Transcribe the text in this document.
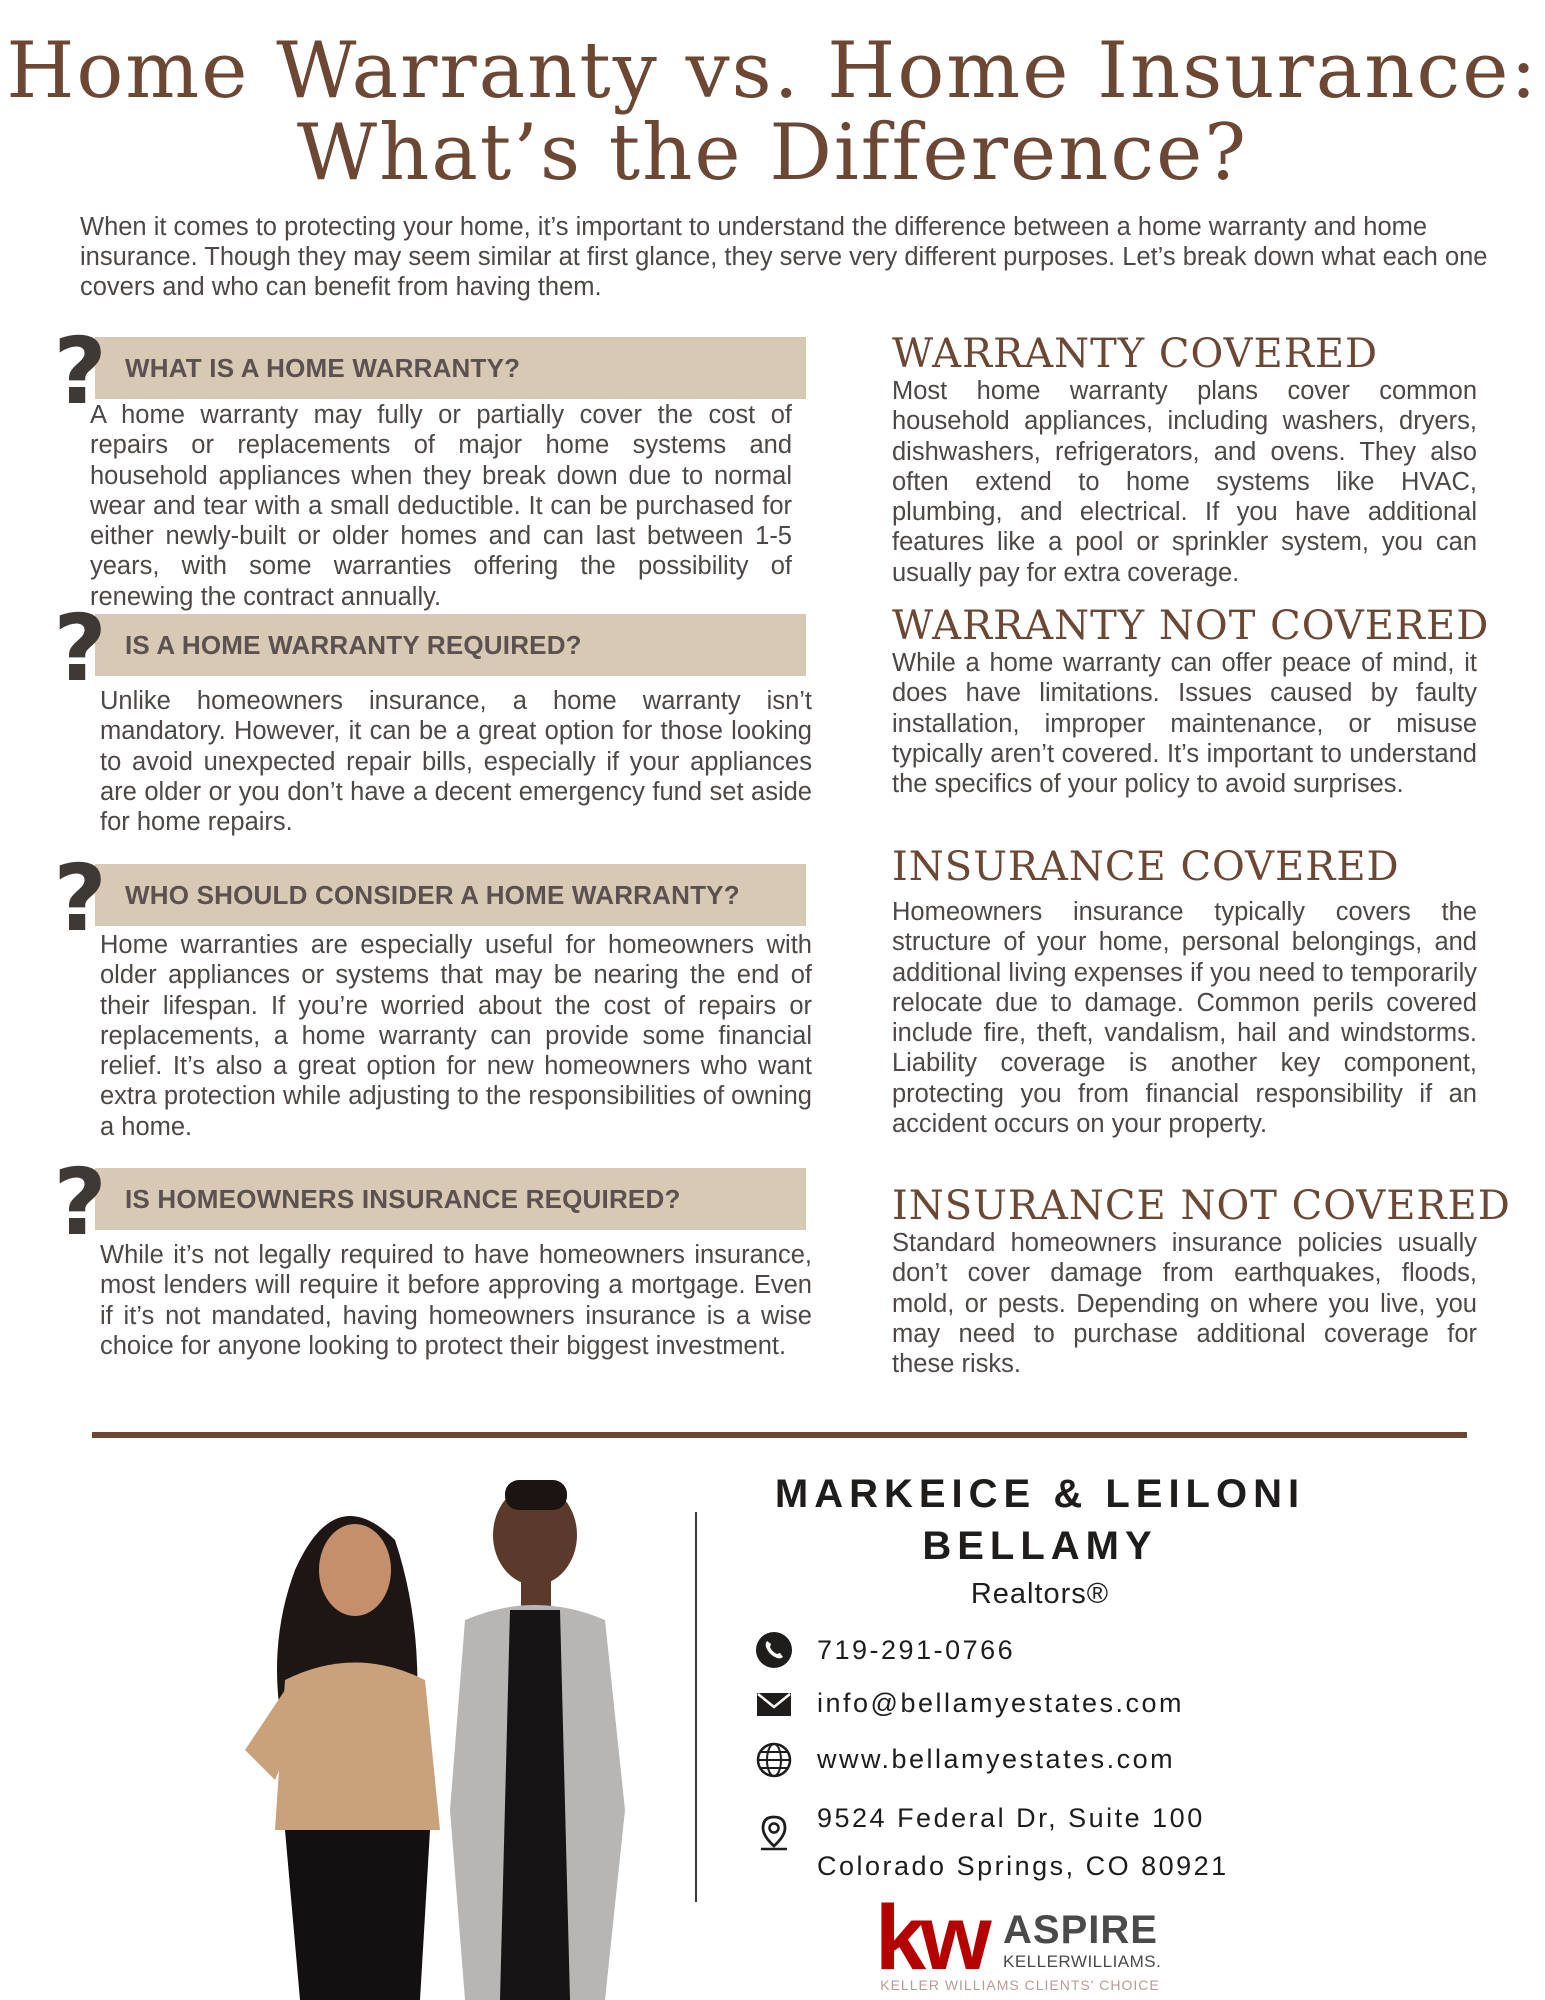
Home Warranty vs. Home Insurance:
What’s the Difference?

When it comes to protecting your home, it’s important to understand the difference between a home warranty and home insurance. Though they may seem similar at first glance, they serve very different purposes. Let’s break down what each one covers and who can benefit from having them.

WHAT IS A HOME WARRANTY?
?

A home warranty may fully or partially cover the cost of repairs or replacements of major home systems and household appliances when they break down due to normal wear and tear with a small deductible. It can be purchased for either newly-built or older homes and can last between 1-5 years, with some warranties offering the possibility of renewing the contract annually.

IS A HOME WARRANTY REQUIRED?
?

Unlike homeowners insurance, a home warranty isn’t mandatory. However, it can be a great option for those looking to avoid unexpected repair bills, especially if your appliances are older or you don’t have a decent emergency fund set aside for home repairs.

WHO SHOULD CONSIDER A HOME WARRANTY?
?

Home warranties are especially useful for homeowners with older appliances or systems that may be nearing the end of their lifespan. If you’re worried about the cost of repairs or replacements, a home warranty can provide some financial relief. It’s also a great option for new homeowners who want extra protection while adjusting to the responsibilities of owning a home.

IS HOMEOWNERS INSURANCE REQUIRED?
?

While it’s not legally required to have homeowners insurance, most lenders will require it before approving a mortgage. Even if it’s not mandated, having homeowners insurance is a wise choice for anyone looking to protect their biggest investment.

WARRANTY COVERED

Most home warranty plans cover common household appliances, including washers, dryers, dishwashers, refrigerators, and ovens. They also often extend to home systems like HVAC, plumbing, and electrical. If you have additional features like a pool or sprinkler system, you can usually pay for extra coverage.

WARRANTY NOT COVERED

While a home warranty can offer peace of mind, it does have limitations. Issues caused by faulty installation, improper maintenance, or misuse typically aren’t covered. It’s important to understand the specifics of your policy to avoid surprises.

INSURANCE COVERED

Homeowners insurance typically covers the structure of your home, personal belongings, and additional living expenses if you need to temporarily relocate due to damage. Common perils covered include fire, theft, vandalism, hail and windstorms. Liability coverage is another key component, protecting you from financial responsibility if an accident occurs on your property.

INSURANCE NOT COVERED

Standard homeowners insurance policies usually don’t cover damage from earthquakes, floods, mold, or pests. Depending on where you live, you may need to purchase additional coverage for these risks.

MARKEICE & LEILONI
BELLAMY
Realtors®
719-291-0766
info@bellamyestates.com
www.bellamyestates.com
9524 Federal Dr, Suite 100
Colorado Springs, CO 80921
kw ASPIRE
KELLERWILLIAMS.
KELLER WILLIAMS CLIENTS' CHOICE
